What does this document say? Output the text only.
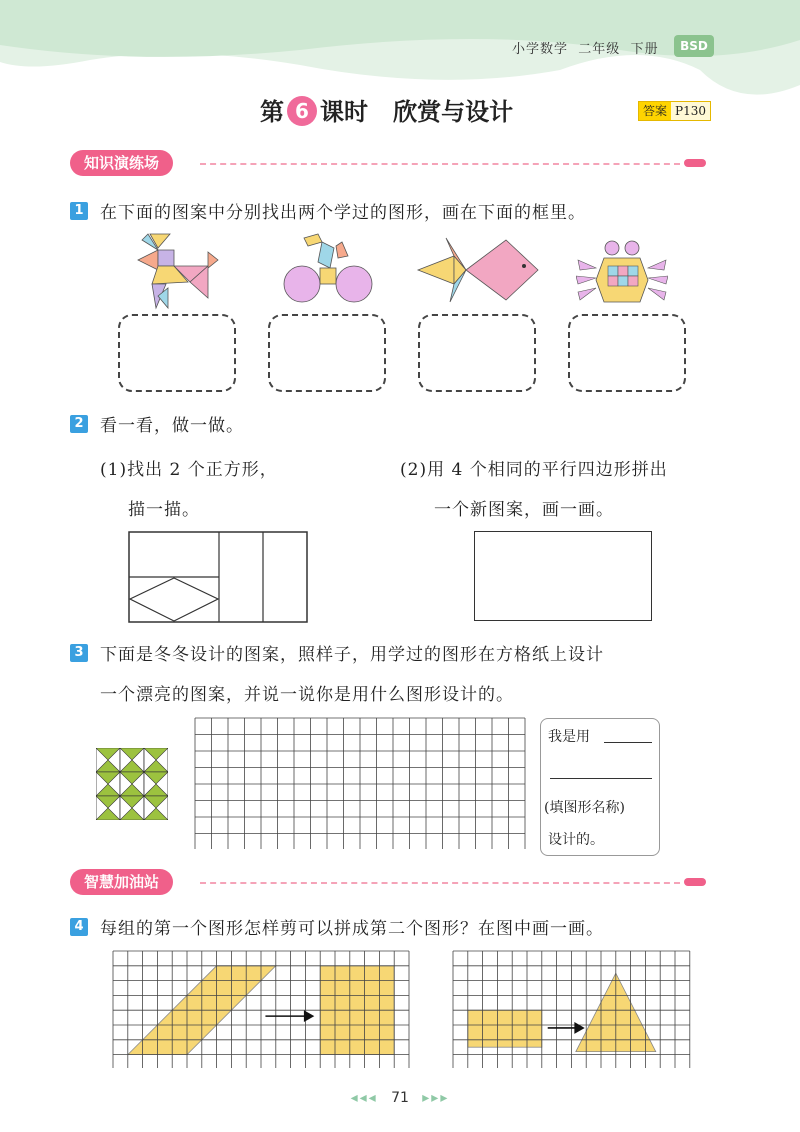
小学数学 二年级 下册	BSD
第 6 课时 欣赏与设计	答案 P130
知识演练场
1 在下面的图案中分别找出两个学过的图形，画在下面的框里。
2 看一看，做一做。
(1)找出 2 个正方形，
描一描。
(2)用 4 个相同的平行四边形拼出
一个新图案，画一画。
3 下面是冬冬设计的图案，照样子，用学过的图形在方格纸上设计
一个漂亮的图案，并说一说你是用什么图形设计的。
我是用
(填图形名称)
设计的。
智慧加油站
4 每组的第一个图形怎样剪可以拼成第二个图形？在图中画一画。
◂◂◂ 71 ▸▸▸
